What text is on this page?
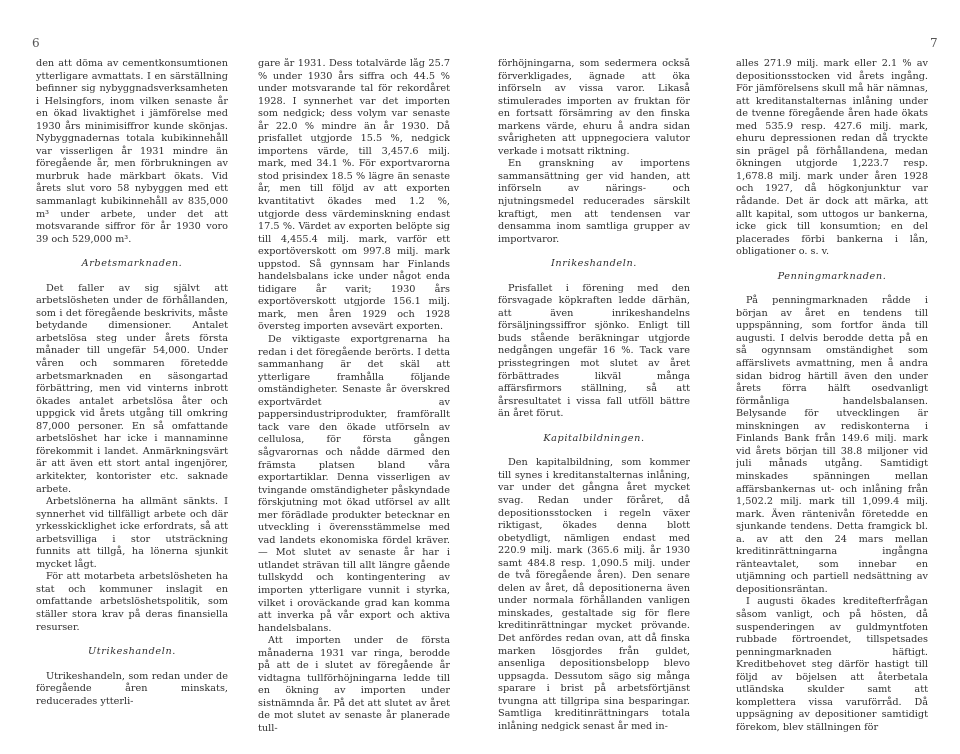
6	7

den att döma av cementkonsumtionen ytterligare avmattats. I en särställning befinner sig nybyggnadsverksamheten i Helsingfors, inom vilken senaste år en ökad livaktighet i jämförelse med 1930 års minimisiffror kunde skönjas. Nybyggnadernas totala kubikinnehåll var visserligen år 1931 mindre än föregående år, men förbrukningen av murbruk hade märkbart ökats. Vid årets slut voro 58 nybyggen med ett sammanlagt kubikinnehåll av 835,000 m³ under arbete, under det att motsvarande siffror för år 1930 voro 39 och 529,000 m³.

Arbetsmarknaden.

Det faller av sig självt att arbetslösheten under de förhållanden, som i det föregående beskrivits, måste betydande dimensioner. Antalet arbetslösa steg under årets första månader till ungefär 54,000. Under våren och sommaren företedde arbetsmarknaden en säsongartad förbättring, men vid vinterns inbrott ökades antalet arbetslösa åter och uppgick vid årets utgång till omkring 87,000 personer. En så omfattande arbetslöshet har icke i mannaminne förekommit i landet. Anmärkningsvärt är att även ett stort antal ingenjörer, arkitekter, kontorister etc. saknade arbete.

Arbetslönerna ha allmänt sänkts. I synnerhet vid tillfälligt arbete och där yrkesskicklighet icke erfordrats, så att arbetsvilliga i stor utsträckning funnits att tillgå, ha lönerna sjunkit mycket lågt.

För att motarbeta arbetslösheten ha stat och kommuner inslagit en omfattande arbetslöshetspolitik, som ställer stora krav på deras finansiella resurser.

Utrikeshandeln.

Utrikeshandeln, som redan under de föregående åren minskats, reducerades ytterli-

gare år 1931. Dess totalvärde låg 25.7 % under 1930 års siffra och 44.5 % under motsvarande tal för rekordåret 1928. I synnerhet var det importen som nedgick; dess volym var senaste år 22.0 % mindre än år 1930. Då prisfallet utgjorde 15.5 %, nedgick importens värde, till 3,457.6 milj. mark, med 34.1 %. För exportvarorna stod prisindex 18.5 % lägre än senaste år, men till följd av att exporten kvantitativt ökades med 1.2 %, utgjorde dess värdeminskning endast 17.5 %. Värdet av exporten belöpte sig till 4,455.4 milj. mark, varför ett exportöverskott om 997.8 milj. mark uppstod. Så gynnsam har Finlands handelsbalans icke under något enda tidigare år varit; 1930 års exportöverskott utgjorde 156.1 milj. mark, men åren 1929 och 1928 översteg importen avsevärt exporten.

De viktigaste exportgrenarna ha redan i det föregående berörts. I detta sammanhang är det skäl att ytterligare framhålla följande omständigheter. Senaste år överskred exportvärdet av pappersindustriprodukter, framförallt tack vare den ökade utförseln av cellulosa, för första gången sågvarornas och nådde därmed den främsta platsen bland våra exportartiklar. Denna visserligen av tvingande omständigheter påskyndade förskjutning mot ökad utförsel av allt mer förädlade produkter betecknar en utveckling i överensstämmelse med vad landets ekonomiska fördel kräver. — Mot slutet av senaste år har i utlandet strävan till allt längre gående tullskydd och kontingentering av importen ytterligare vunnit i styrka, vilket i oroväckande grad kan komma att inverka på vår export och aktiva handelsbalans.

Att importen under de första månaderna 1931 var ringa, berodde på att de i slutet av föregående år vidtagna tullförhöjningarna ledde till en ökning av importen under sistnämnda år. På det att slutet av året de mot slutet av senaste år planerade tull-

förhöjningarna, som sedermera också förverkligades, ägnade att öka införseln av vissa varor. Likaså stimulerades importen av fruktan för en fortsatt försämring av den finska markens värde, ehuru å andra sidan svårigheten att uppnegociera valutor verkade i motsatt riktning.

En granskning av importens sammansättning ger vid handen, att införseln av närings- och njutningsmedel reducerades särskilt kraftigt, men att tendensen var densamma inom samtliga grupper av importvaror.

Inrikeshandeln.

Prisfallet i förening med den försvagade köpkraften ledde därhän, att även inrikeshandelns försäljningssiffror sjönko. Enligt till buds stående beräkningar utgjorde nedgången ungefär 16 %. Tack vare prisstegringen mot slutet av året förbättrades likväl många affärsfirmors ställning, så att årsresultatet i vissa fall utföll bättre än året förut.

Kapitalbildningen.

Den kapitalbildning, som kommer till synes i kreditanstalternas inlåning, var under det gångna året mycket svag. Redan under föråret, då depositionsstocken i regeln växer riktigast, ökades denna blott obetydligt, nämligen endast med 220.9 milj. mark (365.6 milj. år 1930 samt 484.8 resp. 1,090.5 milj. under de två föregående åren). Den senare delen av året, då depositionerna även under normala förhållanden vanligen minskades, gestaltade sig för flere kreditinrättningar mycket prövande. Det anfördes redan ovan, att då finska marken lösgjordes från guldet, ansenliga depositionsbelopp blevo uppsagda. Dessutom sägo sig många sparare i brist på arbetsförtjänst tvungna att tillgripa sina besparingar. Samtliga kreditinrättningars totala inlåning nedgick senast år med in-

alles 271.9 milj. mark eller 2.1 % av depositionsstocken vid årets ingång. För jämförelsens skull må här nämnas, att kreditanstalternas inlåning under de tvenne föregående åren hade ökats med 535.9 resp. 427.6 milj. mark, ehuru depressionen redan då tryckte sin prägel på förhållandena, medan ökningen utgjorde 1,223.7 resp. 1,678.8 milj. mark under åren 1928 och 1927, då högkonjunktur var rådande. Det är dock att märka, att allt kapital, som uttogos ur bankerna, icke gick till konsumtion; en del placerades förbi bankerna i lån, obligationer o. s. v.

Penningmarknaden.

På penningmarknaden rådde i början av året en tendens till uppspänning, som fortfor ända till augusti. I delvis berodde detta på en så ogynnsam omständighet som affärslivets avmattning, men å andra sidan bidrog härtill även den under årets förra hälft osedvanligt förmånliga handelsbalansen. Belysande för utvecklingen är minskningen av rediskonterna i Finlands Bank från 149.6 milj. mark vid årets början till 38.8 miljoner vid juli månads utgång. Samtidigt minskades spänningen mellan affärsbankernas ut- och inlåning från 1,502.2 milj. mark till 1,099.4 milj. mark. Även räntenivån företedde en sjunkande tendens. Detta framgick bl. a. av att den 24 mars mellan kreditinrättningarna ingångna ränteavtalet, som innebar en utjämning och partiell nedsättning av depositionsräntan.

I augusti ökades kreditefterfrågan såsom vanligt, och på hösten, då suspenderingen av guldmyntfoten rubbade förtroendet, tillspetsades penningmarknaden häftigt. Kreditbehovet steg därför hastigt till följd av böjelsen att återbetala utländska skulder samt att komplettera vissa varuförråd. Då uppsägning av depositioner samtidigt förekom, blev ställningen för
